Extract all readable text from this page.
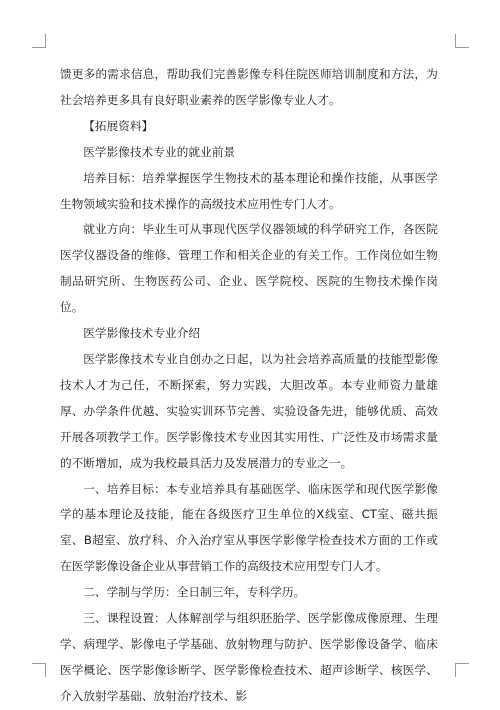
馈更多的需求信息，帮助我们完善影像专科住院医师培训制度和方法，为社会培养更多具有良好职业素养的医学影像专业人才。

【拓展资料】

医学影像技术专业的就业前景

培养目标：培养掌握医学生物技术的基本理论和操作技能，从事医学生物领域实验和技术操作的高级技术应用性专门人才。

就业方向：毕业生可从事现代医学仪器领域的科学研究工作，各医院医学仪器设备的维修、管理工作和相关企业的有关工作。工作岗位如生物制品研究所、生物医药公司、企业、医学院校、医院的生物技术操作岗位。

医学影像技术专业介绍

医学影像技术专业自创办之日起，以为社会培养高质量的技能型影像技术人才为己任，不断探索，努力实践，大胆改革。本专业师资力量雄厚、办学条件优越、实验实训环节完善、实验设备先进，能够优质、高效开展各项教学工作。医学影像技术专业因其实用性、广泛性及市场需求量的不断增加，成为我校最具活力及发展潜力的专业之一。

一、培养目标：本专业培养具有基础医学、临床医学和现代医学影像学的基本理论及技能，能在各级医疗卫生单位的X线室、CT室、磁共振室、B超室、放疗科、介入治疗室从事医学影像学检查技术方面的工作或在医学影像设备企业从事营销工作的高级技术应用型专门人才。

二、学制与学历：全日制三年，专科学历。

三、课程设置：人体解剖学与组织胚胎学、医学影像成像原理、生理学、病理学、影像电子学基础、放射物理与防护、医学影像设备学、临床医学概论、医学影像诊断学、医学影像检查技术、超声诊断学、核医学、介入放射学基础、放射治疗技术、影
